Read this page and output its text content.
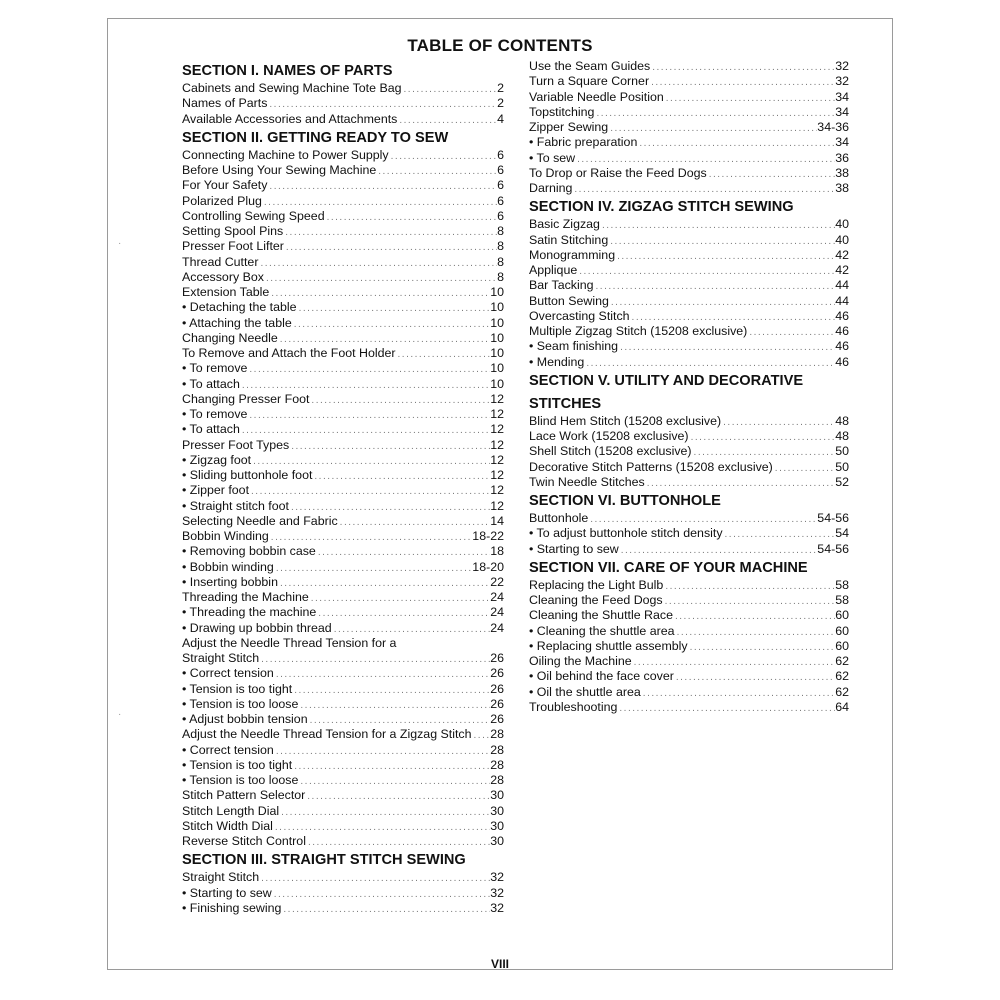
·
·
TABLE OF CONTENTS
SECTION I. NAMES OF PARTS
Cabinets and Sewing Machine Tote Bag .....	2
Names of Parts .....	2
Available Accessories and Attachments .....	4
SECTION II. GETTING READY TO SEW
Connecting Machine to Power Supply .....	6
Before Using Your Sewing Machine .....	6
For Your Safety .....	6
Polarized Plug .....	6
Controlling Sewing Speed .....	6
Setting Spool Pins .....	8
Presser Foot Lifter .....	8
Thread Cutter .....	8
Accessory Box .....	8
Extension Table .....	10
• Detaching the table .....	10
• Attaching the table .....	10
Changing Needle .....	10
To Remove and Attach the Foot Holder .....	10
• To remove .....	10
• To attach .....	10
Changing Presser Foot .....	12
• To remove .....	12
• To attach .....	12
Presser Foot Types .....	12
• Zigzag foot .....	12
• Sliding buttonhole foot .....	12
• Zipper foot .....	12
• Straight stitch foot .....	12
Selecting Needle and Fabric .....	14
Bobbin Winding .....	18-22
• Removing bobbin case .....	18
• Bobbin winding .....	18-20
• Inserting bobbin .....	22
Threading the Machine .....	24
• Threading the machine .....	24
• Drawing up bobbin thread .....	24
Adjust the Needle Thread Tension for a
Straight Stitch .....	26
• Correct tension .....	26
• Tension is too tight .....	26
• Tension is too loose .....	26
• Adjust bobbin tension .....	26
Adjust the Needle Thread Tension for a Zigzag Stitch ..... 28
• Correct tension .....	28
• Tension is too tight .....	28
• Tension is too loose .....	28
Stitch Pattern Selector .....	30
Stitch Length Dial .....	30
Stitch Width Dial .....	30
Reverse Stitch Control .....	30
SECTION III. STRAIGHT STITCH SEWING
Straight Stitch .....	32
• Starting to sew .....	32
• Finishing sewing .....	32
Use the Seam Guides .....	32
Turn a Square Corner .....	32
Variable Needle Position .....	34
Topstitching .....	34
Zipper Sewing .....	34-36
• Fabric preparation .....	34
• To sew .....	36
To Drop or Raise the Feed Dogs .....	38
Darning .....	38
SECTION IV. ZIGZAG STITCH SEWING
Basic Zigzag .....	40
Satin Stitching .....	40
Monogramming .....	42
Applique .....	42
Bar Tacking .....	44
Button Sewing .....	44
Overcasting Stitch .....	46
Multiple Zigzag Stitch (15208 exclusive) .....	46
• Seam finishing .....	46
• Mending .....	46
SECTION V. UTILITY AND DECORATIVE
STITCHES
Blind Hem Stitch (15208 exclusive) .....	48
Lace Work (15208 exclusive) .....	48
Shell Stitch (15208 exclusive) .....	50
Decorative Stitch Patterns (15208 exclusive) .....	50
Twin Needle Stitches .....	52
SECTION VI. BUTTONHOLE
Buttonhole .....	54-56
• To adjust buttonhole stitch density .....	54
• Starting to sew .....	54-56
SECTION VII. CARE OF YOUR MACHINE
Replacing the Light Bulb .....	58
Cleaning the Feed Dogs .....	58
Cleaning the Shuttle Race .....	60
• Cleaning the shuttle area .....	60
• Replacing shuttle assembly .....	60
Oiling the Machine .....	62
• Oil behind the face cover .....	62
• Oil the shuttle area .....	62
Troubleshooting .....	64
VIII
